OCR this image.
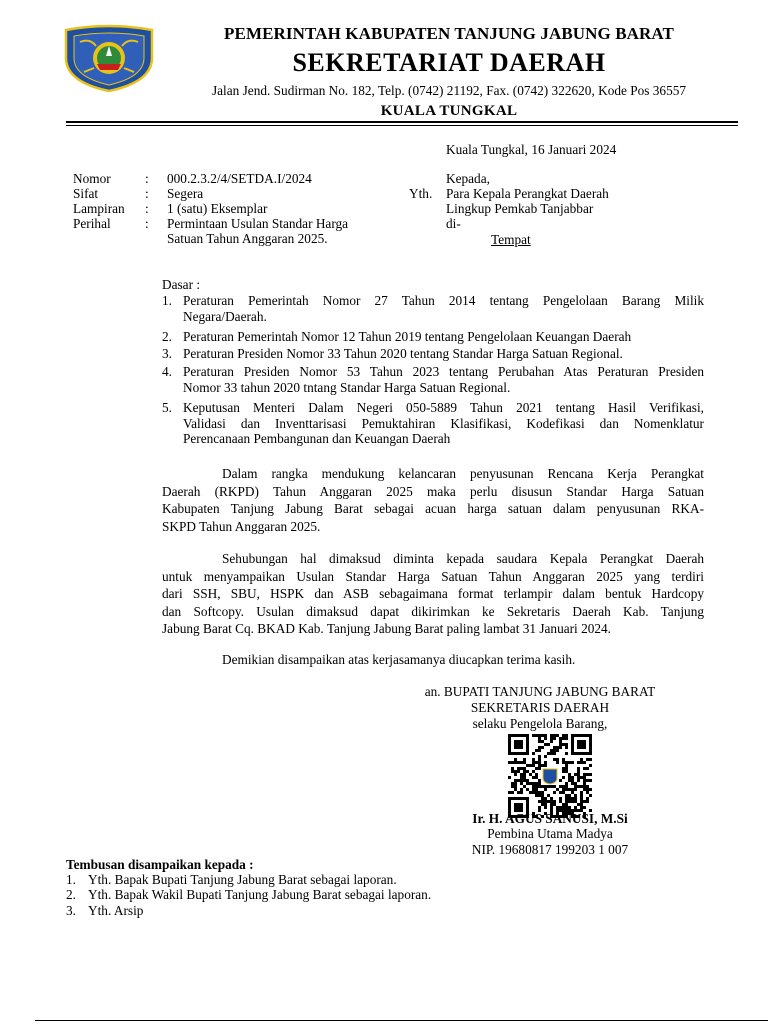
PEMERINTAH KABUPATEN TANJUNG JABUNG BARAT
SEKRETARIAT DAERAH
Jalan Jend. Sudirman No. 182, Telp. (0742) 21192, Fax. (0742) 322620, Kode Pos 36557
KUALA TUNGKAL
Kuala Tungkal, 16 Januari 2024
Nomor	: 000.2.3.2/4/SETDA.I/2024
Sifat	: Segera
Lampiran : 1 (satu) Eksemplar
Perihal	: Permintaan Usulan Standar Harga
Satuan Tahun Anggaran 2025.
Kepada,
Yth. Para Kepala Perangkat Daerah
Lingkup Pemkab Tanjabbar
di-
Tempat
Dasar :
1. Peraturan Pemerintah Nomor 27 Tahun 2014 tentang Pengelolaan Barang Milik
Negara/Daerah.
2. Peraturan Pemerintah Nomor 12 Tahun 2019 tentang Pengelolaan Keuangan Daerah
3. Peraturan Presiden Nomor 33 Tahun 2020 tentang Standar Harga Satuan Regional.
4. Peraturan Presiden Nomor 53 Tahun 2023 tentang Perubahan Atas Peraturan Presiden
Nomor 33 tahun 2020 tntang Standar Harga Satuan Regional.
5. Keputusan Menteri Dalam Negeri 050-5889 Tahun 2021 tentang Hasil Verifikasi,
Validasi dan Inventtarisasi Pemuktahiran Klasifikasi, Kodefikasi dan Nomenklatur
Perencanaan Pembangunan dan Keuangan Daerah
Dalam rangka mendukung kelancaran penyusunan Rencana Kerja Perangkat
Daerah (RKPD) Tahun Anggaran 2025 maka perlu disusun Standar Harga Satuan
Kabupaten Tanjung Jabung Barat sebagai acuan harga satuan dalam penyusunan RKA-
SKPD Tahun Anggaran 2025.
Sehubungan hal dimaksud diminta kepada saudara Kepala Perangkat Daerah
untuk menyampaikan Usulan Standar Harga Satuan Tahun Anggaran 2025 yang terdiri
dari SSH, SBU, HSPK dan ASB sebagaimana format terlampir dalam bentuk Hardcopy
dan Softcopy. Usulan dimaksud dapat dikirimkan ke Sekretaris Daerah Kab. Tanjung
Jabung Barat Cq. BKAD Kab. Tanjung Jabung Barat paling lambat 31 Januari 2024.
Demikian disampaikan atas kerjasamanya diucapkan terima kasih.
an. BUPATI TANJUNG JABUNG BARAT
SEKRETARIS DAERAH
selaku Pengelola Barang,
Ir. H. AGUS SANUSI, M.Si
Pembina Utama Madya
NIP. 19680817 199203 1 007
Tembusan disampaikan kepada :
1. Yth. Bapak Bupati Tanjung Jabung Barat sebagai laporan.
2. Yth. Bapak Wakil Bupati Tanjung Jabung Barat sebagai laporan.
3. Yth. Arsip
